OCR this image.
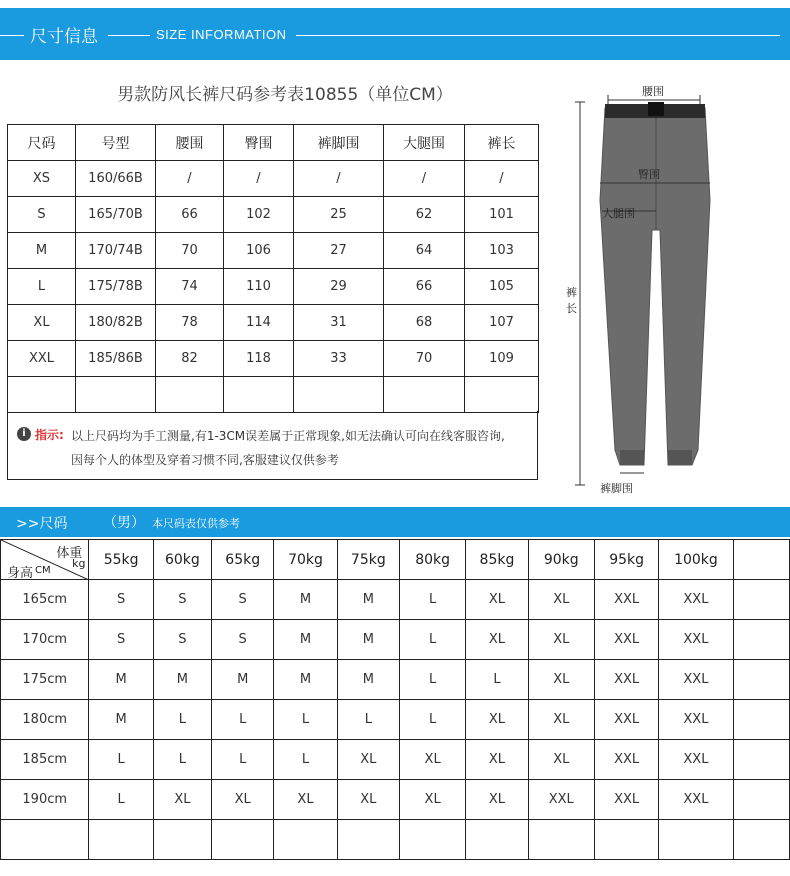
尺寸信息	SIZE INFORMATION
男款防风长裤尺码参考表10855（单位CM）
尺码	号型	腰围	臀围	裤脚围	大腿围	裤长
XS	160/66B	/	/	/	/	/
S	165/70B	66	102	25	62	101
M	170/74B	70	106	27	64	103
L	175/78B	74	110	29	66	105
XL	180/82B	78	114	31	68	107
XXL	185/86B	82	118	33	70	109

i 指示: 以上尺码均为手工测量,有1-3CM误差属于正常现象,如无法确认可向在线客服咨询,
因每个人的体型及穿着习惯不同,客服建议仅供参考
腰围
臀围
大腿围
裤长
裤脚围
>>尺码	（男） 本尺码表仅供参考
体重
kg
身高 CM	55kg	60kg	65kg	70kg	75kg	80kg	85kg	90kg	95kg	100kg	
165cm	S	S	S	M	M	L	XL	XL	XXL	XXL	
170cm	S	S	S	M	M	L	XL	XL	XXL	XXL	
175cm	M	M	M	M	M	L	L	XL	XXL	XXL	
180cm	M	L	L	L	L	L	XL	XL	XXL	XXL	
185cm	L	L	L	L	XL	XL	XL	XL	XXL	XXL	
190cm	L	XL	XL	XL	XL	XL	XL	XXL	XXL	XXL	
